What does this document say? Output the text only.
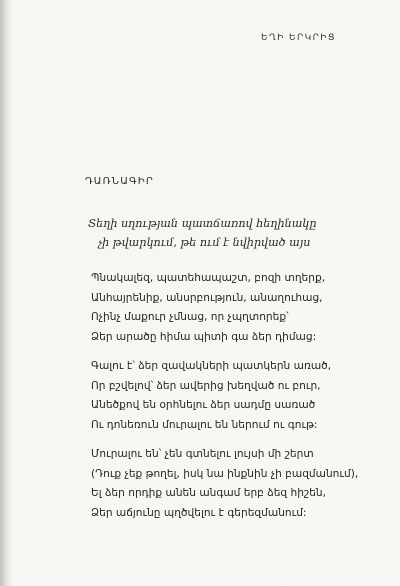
ԵՂԻ ԵՐԿՐԻՑ
ԴԱՌՆԱԳԻՐ
Տեղի սղության պատճառով հեղինակը
չի թվարկում, թե ում է նվիրված այս
Պնակալեզ, պատեհապաշտ, բոզի տղերք,
Անհայրենիք, անսրբություն, անաղուհաց,
Ոչինչ մաքուր չմնաց, որ չպղտորեք՝
Ձեր արածը հիմա պիտի գա ձեր դիմաց:
Գալու է՝ ձեր զավակների պատկերն առած,
Որ բշվելով՝ ձեր ավերից խեղված ու բուր,
Անեծքով են օրհնելու ձեր սադմը սառած
Ու դոնեռուն մուրալու են ներում ու գութ:
Մուրալու են՝ չեն գտնելու լույսի մի շերտ
(Դուք չեք թողել, իսկ նա ինքնին չի բազմանում),
Ել ձեր որդիք անեն անգամ երբ ձեզ հիշեն,
Ձեր աճյունը պղծվելու է գերեզմանում:
